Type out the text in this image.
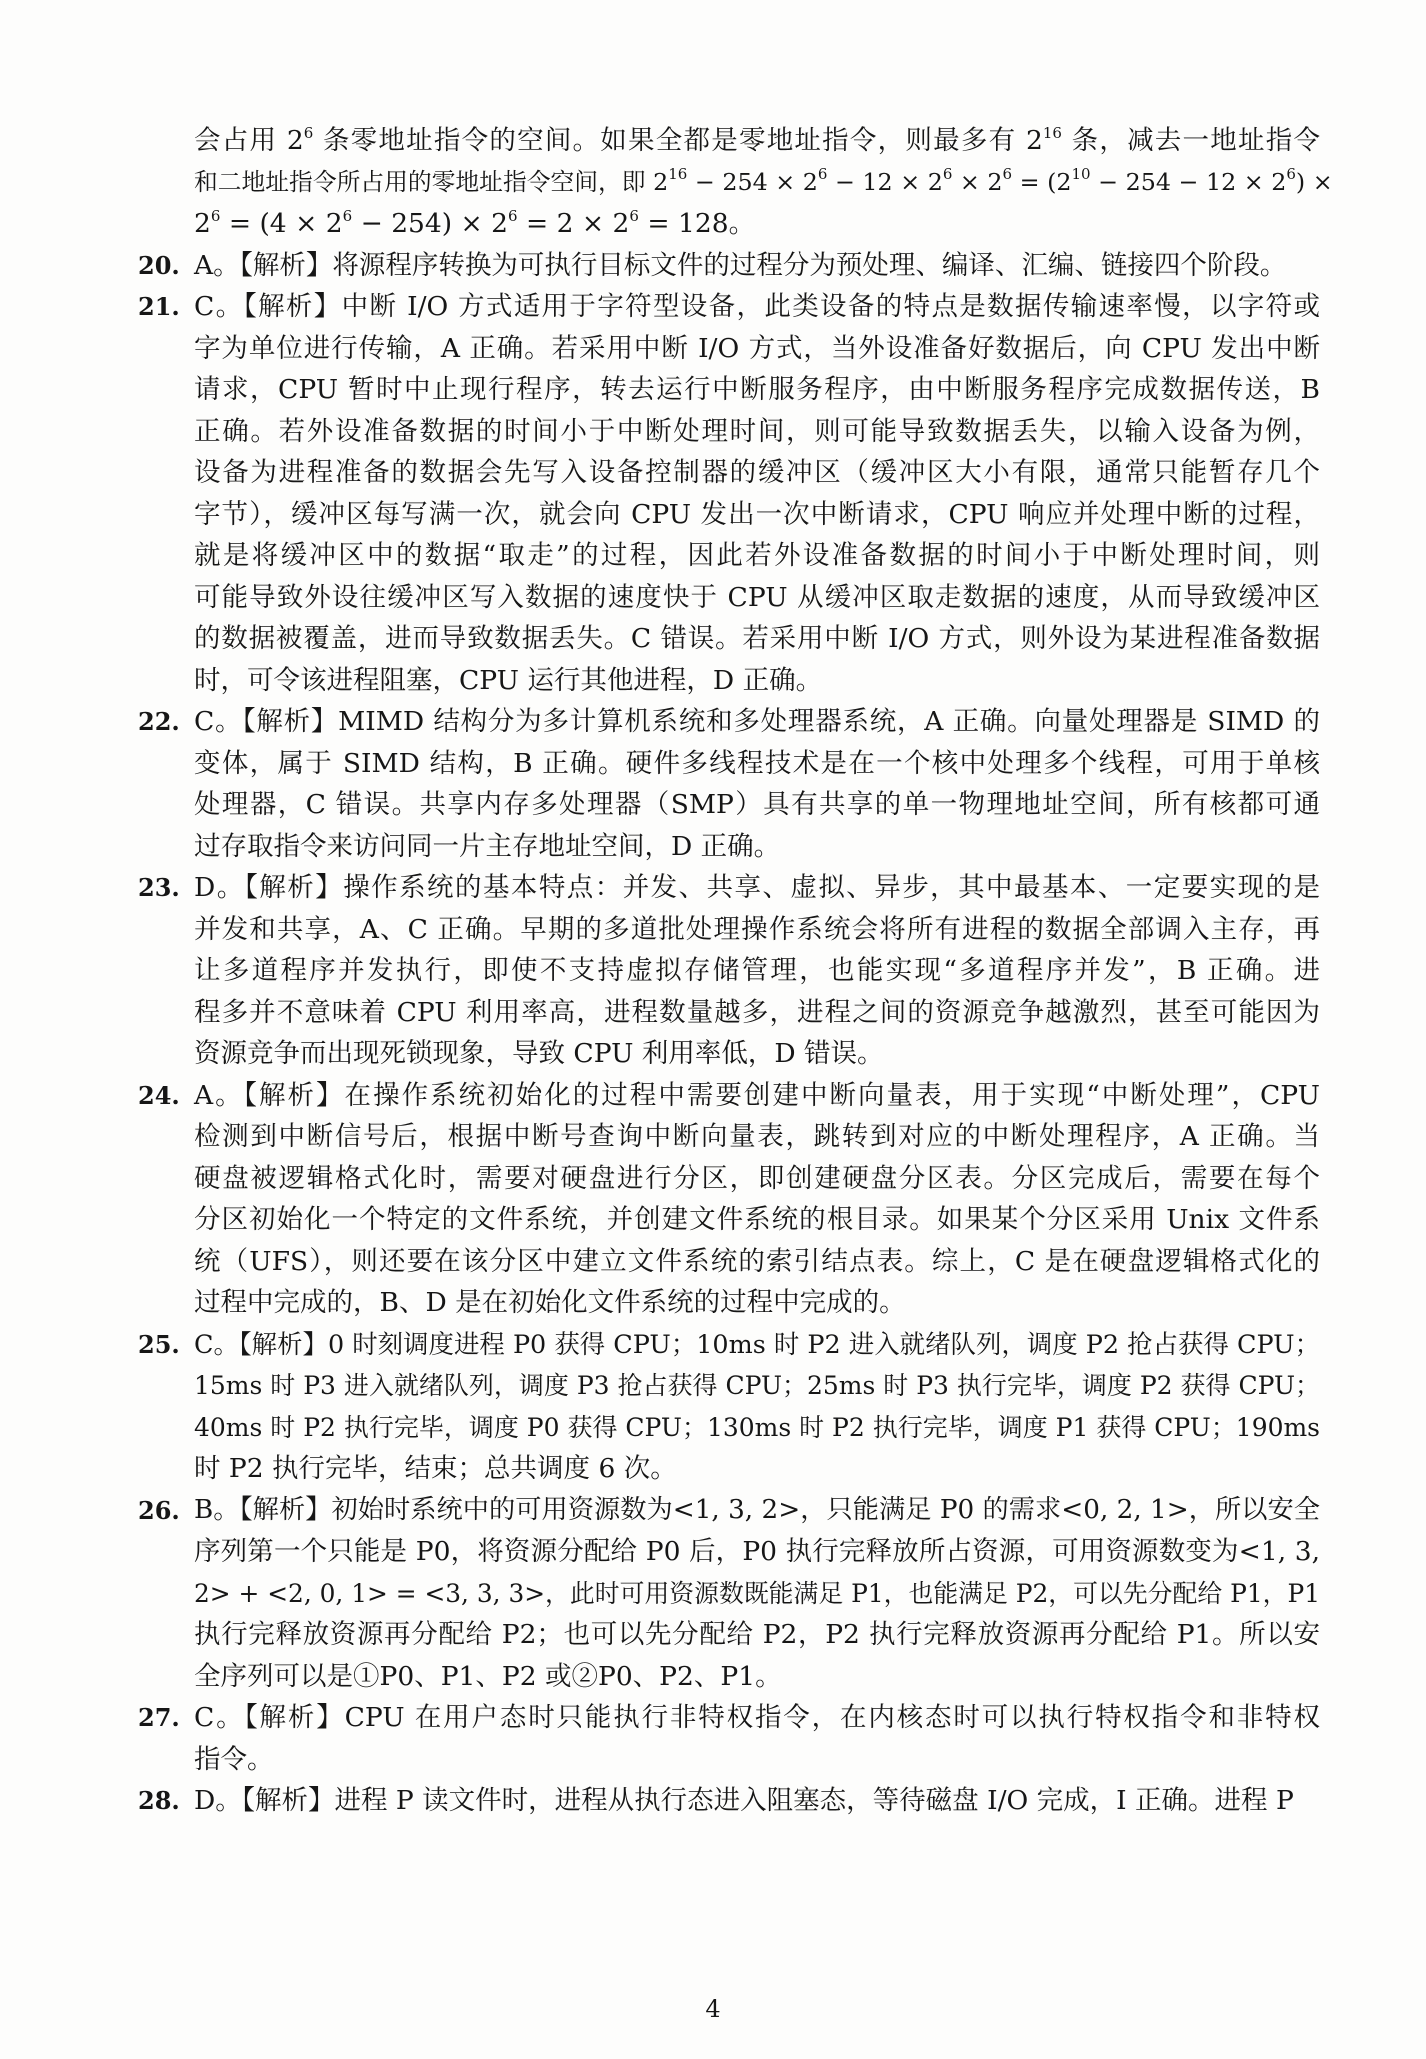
会占用 $2^6$ 条零地址指令的空间。如果全都是零地址指令，则最多有 $2^{16}$ 条，减去一地址指令
和二地址指令所占用的零地址指令空间，即 $2^{16} - 254 \times 2^6 - 12 \times 2^6 \times 2^6 = (2^{10} - 254 - 12 \times 2^6)$ ×
$2^6 = (4 \times 2^6 - 254) \times 2^6 = 2 \times 2^6 = 128$。
20. A。【解析】将源程序转换为可执行目标文件的过程分为预处理、编译、汇编、链接四个阶段。
21. C。【解析】中断 I/O 方式适用于字符型设备，此类设备的特点是数据传输速率慢，以字符或
字为单位进行传输，A 正确。若采用中断 I/O 方式，当外设准备好数据后，向 CPU 发出中断
请求，CPU 暂时中止现行程序，转去运行中断服务程序，由中断服务程序完成数据传送，B
正确。若外设准备数据的时间小于中断处理时间，则可能导致数据丢失，以输入设备为例，
设备为进程准备的数据会先写入设备控制器的缓冲区（缓冲区大小有限，通常只能暂存几个
字节），缓冲区每写满一次，就会向 CPU 发出一次中断请求，CPU 响应并处理中断的过程，
就是将缓冲区中的数据“取走”的过程，因此若外设准备数据的时间小于中断处理时间，则
可能导致外设往缓冲区写入数据的速度快于 CPU 从缓冲区取走数据的速度，从而导致缓冲区
的数据被覆盖，进而导致数据丢失。C 错误。若采用中断 I/O 方式，则外设为某进程准备数据
时，可令该进程阻塞，CPU 运行其他进程，D 正确。
22. C。【解析】MIMD 结构分为多计算机系统和多处理器系统，A 正确。向量处理器是 SIMD 的
变体，属于 SIMD 结构，B 正确。硬件多线程技术是在一个核中处理多个线程，可用于单核
处理器，C 错误。共享内存多处理器（SMP）具有共享的单一物理地址空间，所有核都可通
过存取指令来访问同一片主存地址空间，D 正确。
23. D。【解析】操作系统的基本特点：并发、共享、虚拟、异步，其中最基本、一定要实现的是
并发和共享，A、C 正确。早期的多道批处理操作系统会将所有进程的数据全部调入主存，再
让多道程序并发执行，即使不支持虚拟存储管理，也能实现“多道程序并发”，B 正确。进
程多并不意味着 CPU 利用率高，进程数量越多，进程之间的资源竞争越激烈，甚至可能因为
资源竞争而出现死锁现象，导致 CPU 利用率低，D 错误。
24. A。【解析】在操作系统初始化的过程中需要创建中断向量表，用于实现“中断处理”，CPU
检测到中断信号后，根据中断号查询中断向量表，跳转到对应的中断处理程序，A 正确。当
硬盘被逻辑格式化时，需要对硬盘进行分区，即创建硬盘分区表。分区完成后，需要在每个
分区初始化一个特定的文件系统，并创建文件系统的根目录。如果某个分区采用 Unix 文件系
统（UFS），则还要在该分区中建立文件系统的索引结点表。综上，C 是在硬盘逻辑格式化的
过程中完成的，B、D 是在初始化文件系统的过程中完成的。
25. C。【解析】0 时刻调度进程 P0 获得 CPU；10ms 时 P2 进入就绪队列，调度 P2 抢占获得 CPU；
15ms 时 P3 进入就绪队列，调度 P3 抢占获得 CPU；25ms 时 P3 执行完毕，调度 P2 获得 CPU；
40ms 时 P2 执行完毕，调度 P0 获得 CPU；130ms 时 P2 执行完毕，调度 P1 获得 CPU；190ms
时 P2 执行完毕，结束；总共调度 6 次。
26. B。【解析】初始时系统中的可用资源数为<1, 3, 2>，只能满足 P0 的需求<0, 2, 1>，所以安全
序列第一个只能是 P0，将资源分配给 P0 后，P0 执行完释放所占资源，可用资源数变为<1, 3,
2> + <2, 0, 1> = <3, 3, 3>，此时可用资源数既能满足 P1，也能满足 P2，可以先分配给 P1，P1
执行完释放资源再分配给 P2；也可以先分配给 P2，P2 执行完释放资源再分配给 P1。所以安
全序列可以是①P0、P1、P2 或②P0、P2、P1。
27. C。【解析】CPU 在用户态时只能执行非特权指令，在内核态时可以执行特权指令和非特权
指令。
28. D。【解析】进程 P 读文件时，进程从执行态进入阻塞态，等待磁盘 I/O 完成，I 正确。进程 P
4
